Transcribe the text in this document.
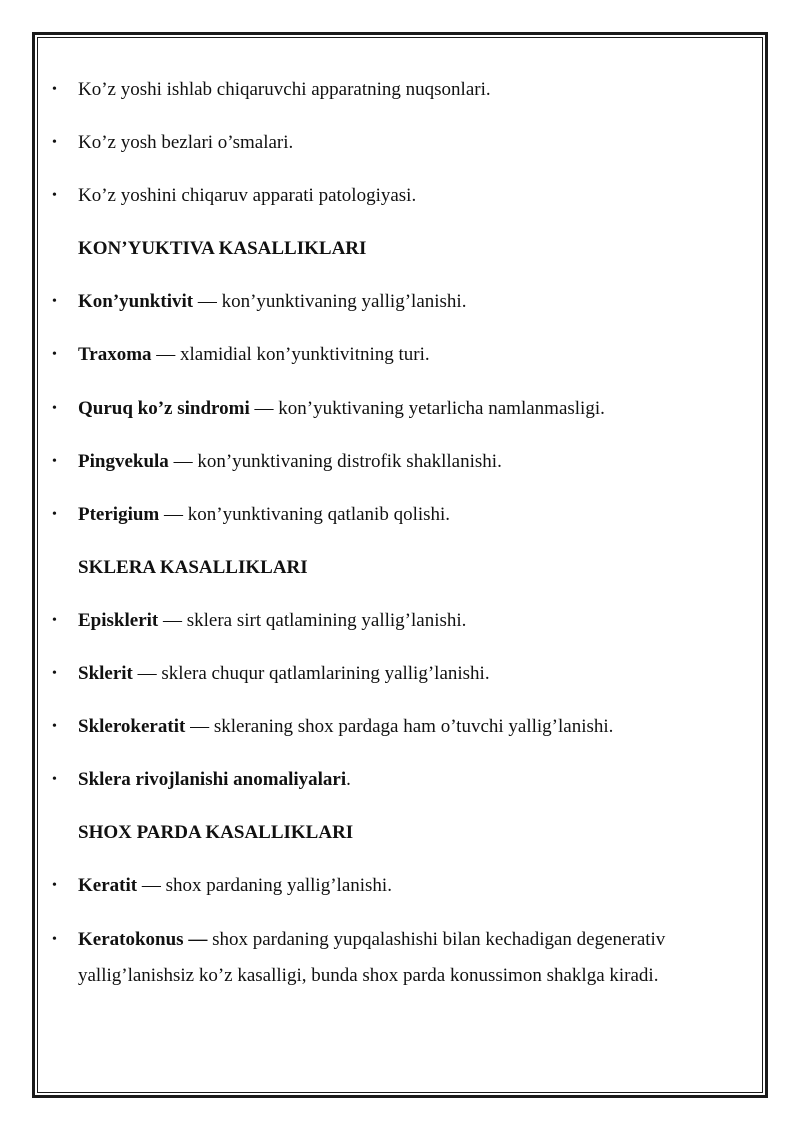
• Ko’z yoshi ishlab chiqaruvchi apparatning nuqsonlari.
• Ko’z yosh bezlari o’smalari.
• Ko’z yoshini chiqaruv apparati patologiyasi.
KON’YUKTIVA KASALLIKLARI
• Kon’yunktivit — kon’yunktivaning yallig’lanishi.
• Traxoma — xlamidial kon’yunktivitning turi.
• Quruq ko’z sindromi — kon’yuktivaning yetarlicha namlanmasligi.
• Pingvekula — kon’yunktivaning distrofik shakllanishi.
• Pterigium — kon’yunktivaning qatlanib qolishi.
SKLERA KASALLIKLARI
• Episklerit — sklera sirt qatlamining yallig’lanishi.
• Sklerit — sklera chuqur qatlamlarining yallig’lanishi.
• Sklerokeratit — skleraning shox pardaga ham o’tuvchi yallig’lanishi.
• Sklera rivojlanishi anomaliyalari.
SHOX PARDA KASALLIKLARI
• Keratit — shox pardaning yallig’lanishi.
• Keratokonus — shox pardaning yupqalashishi bilan kechadigan degenerativ yallig’lanishsiz ko’z kasalligi, bunda shox parda konussimon shaklga kiradi.
